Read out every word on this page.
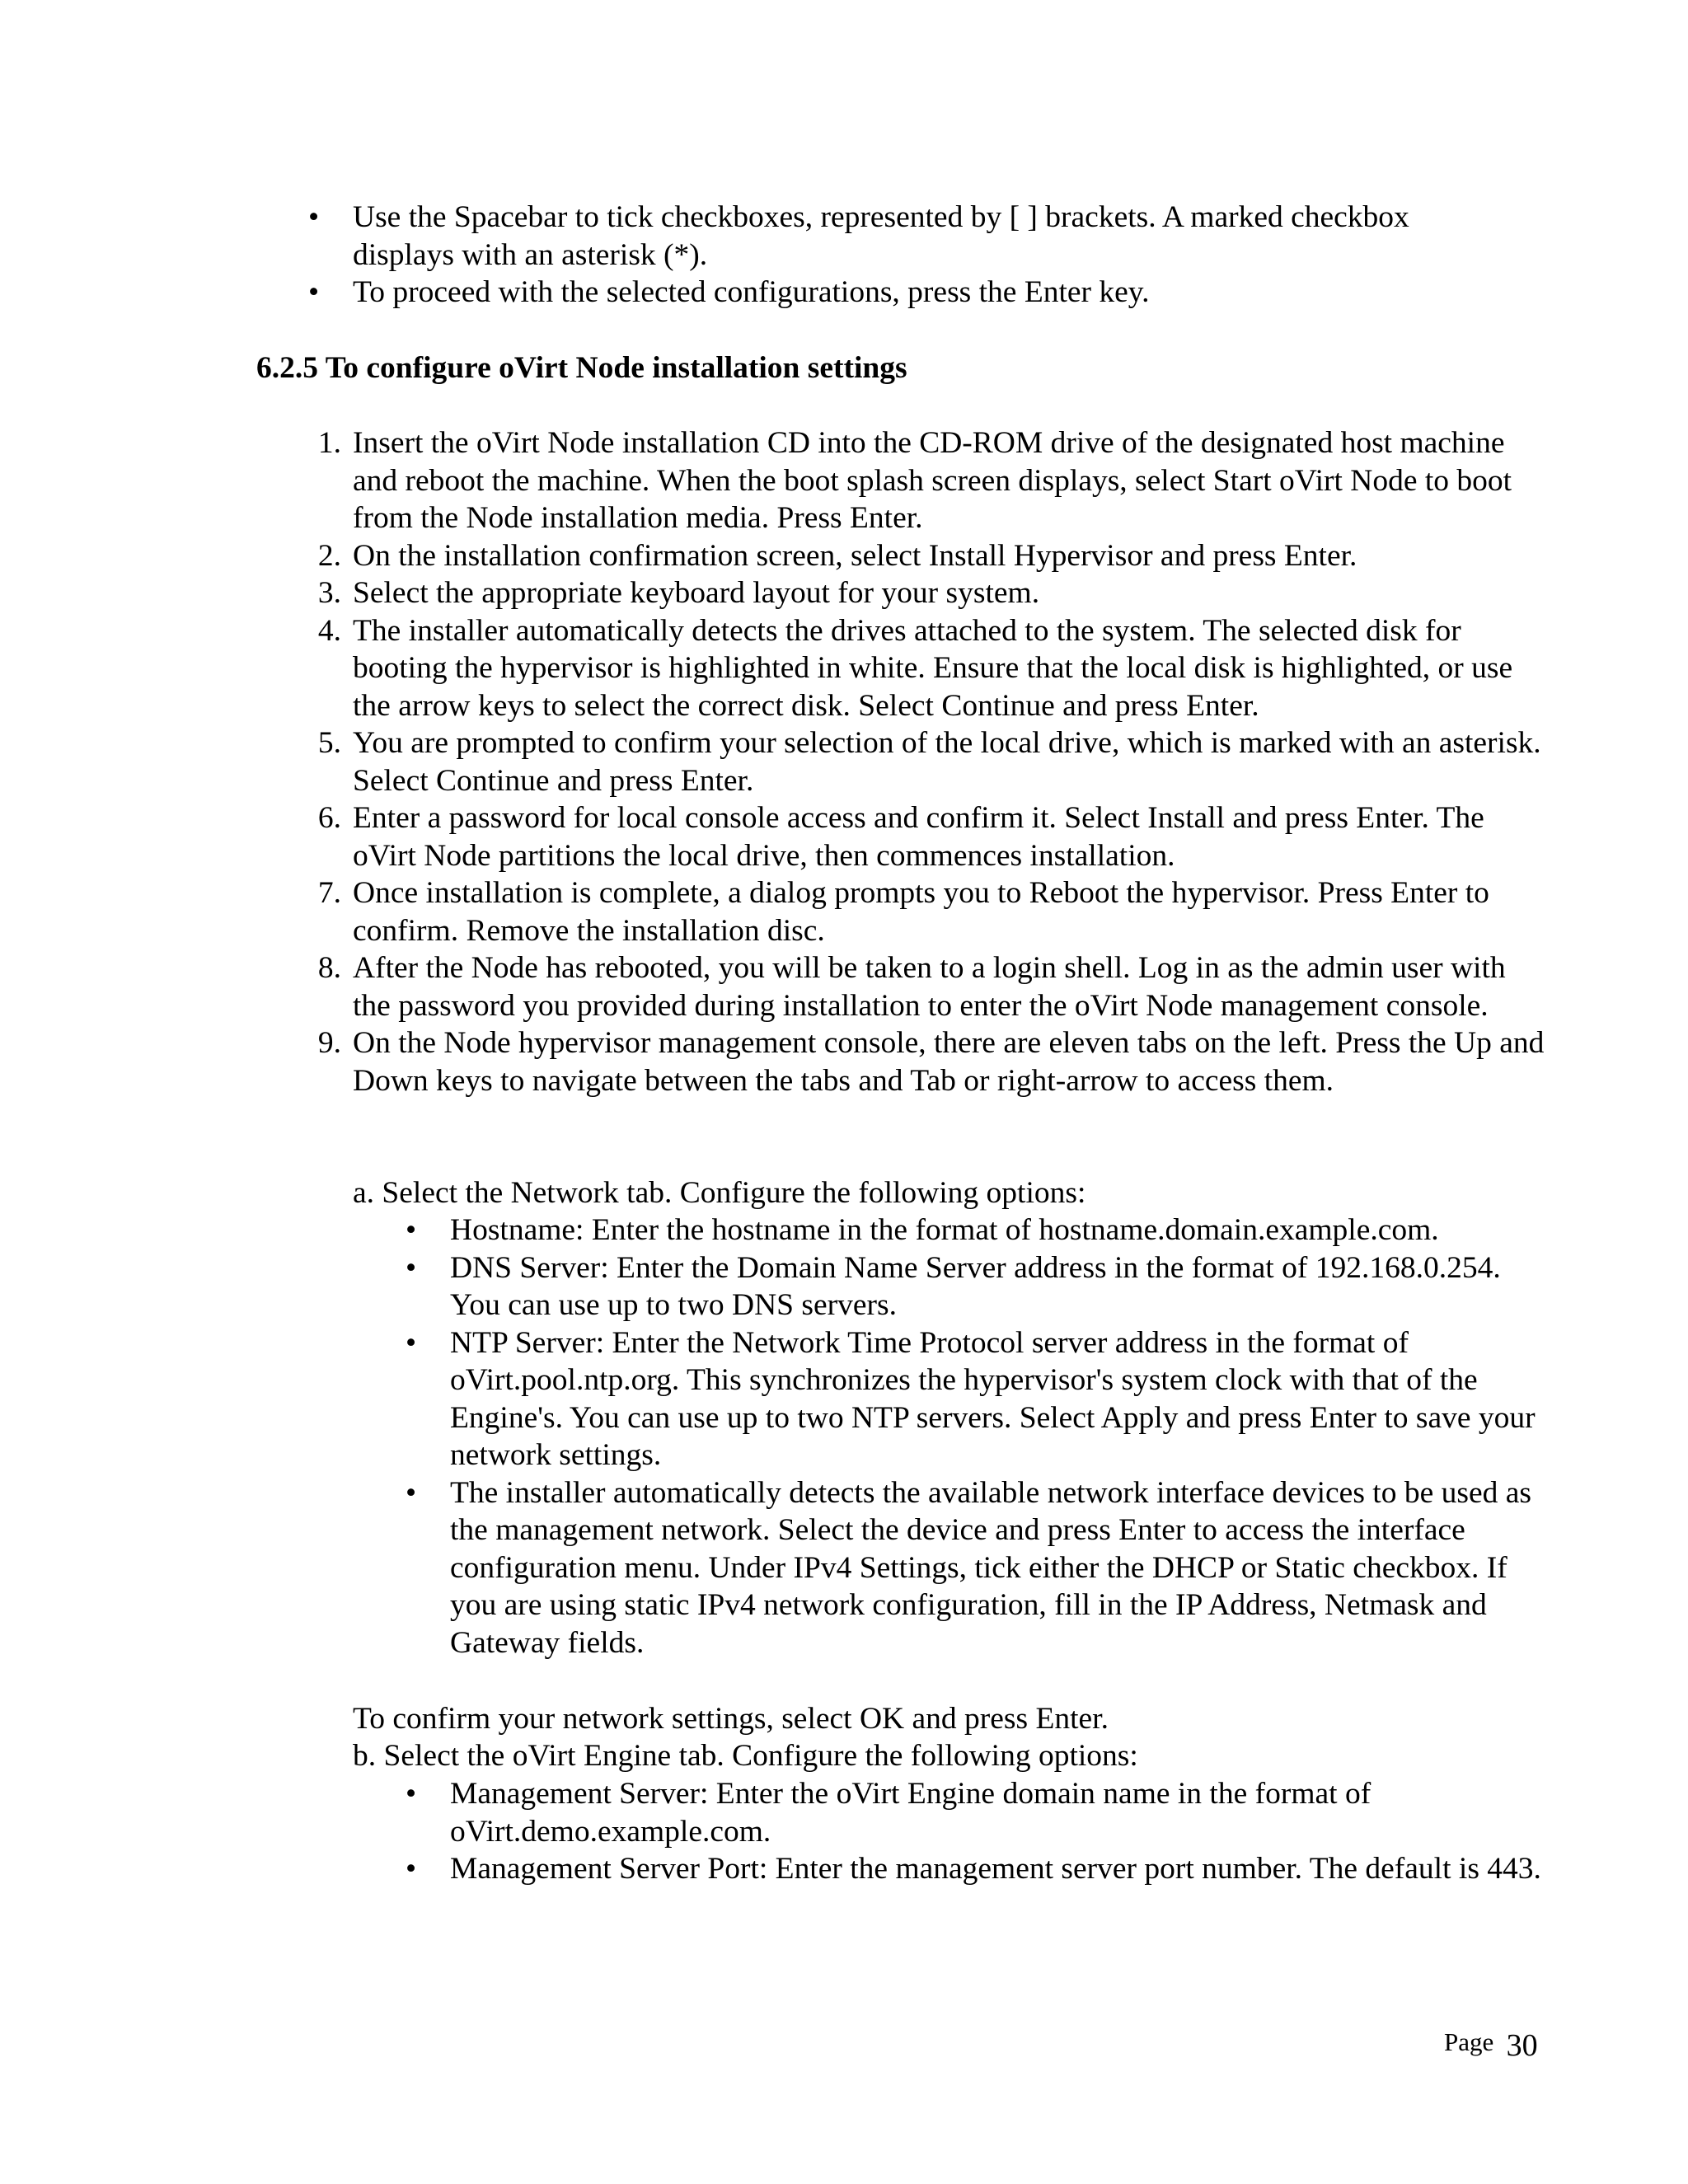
• Use the Spacebar to tick checkboxes, represented by [ ] brackets. A marked checkbox displays with an asterisk (*).
• To proceed with the selected configurations, press the Enter key.
6.2.5 To configure oVirt Node installation settings
1. Insert the oVirt Node installation CD into the CD-ROM drive of the designated host machine and reboot the machine. When the boot splash screen displays, select Start oVirt Node to boot from the Node installation media. Press Enter.
2. On the installation confirmation screen, select Install Hypervisor and press Enter.
3. Select the appropriate keyboard layout for your system.
4. The installer automatically detects the drives attached to the system. The selected disk for booting the hypervisor is highlighted in white. Ensure that the local disk is highlighted, or use the arrow keys to select the correct disk. Select Continue and press Enter.
5. You are prompted to confirm your selection of the local drive, which is marked with an asterisk. Select Continue and press Enter.
6. Enter a password for local console access and confirm it. Select Install and press Enter. The oVirt Node partitions the local drive, then commences installation.
7. Once installation is complete, a dialog prompts you to Reboot the hypervisor. Press Enter to confirm. Remove the installation disc.
8. After the Node has rebooted, you will be taken to a login shell. Log in as the admin user with the password you provided during installation to enter the oVirt Node management console.
9. On the Node hypervisor management console, there are eleven tabs on the left. Press the Up and Down keys to navigate between the tabs and Tab or right-arrow to access them.
a. Select the Network tab. Configure the following options:
• Hostname: Enter the hostname in the format of hostname.domain.example.com.
• DNS Server: Enter the Domain Name Server address in the format of 192.168.0.254. You can use up to two DNS servers.
• NTP Server: Enter the Network Time Protocol server address in the format of oVirt.pool.ntp.org. This synchronizes the hypervisor's system clock with that of the Engine's. You can use up to two NTP servers. Select Apply and press Enter to save your network settings.
• The installer automatically detects the available network interface devices to be used as the management network. Select the device and press Enter to access the interface configuration menu. Under IPv4 Settings, tick either the DHCP or Static checkbox. If you are using static IPv4 network configuration, fill in the IP Address, Netmask and Gateway fields.
To confirm your network settings, select OK and press Enter.
b. Select the oVirt Engine tab. Configure the following options:
• Management Server: Enter the oVirt Engine domain name in the format of oVirt.demo.example.com.
• Management Server Port: Enter the management server port number. The default is 443.
Page 30
